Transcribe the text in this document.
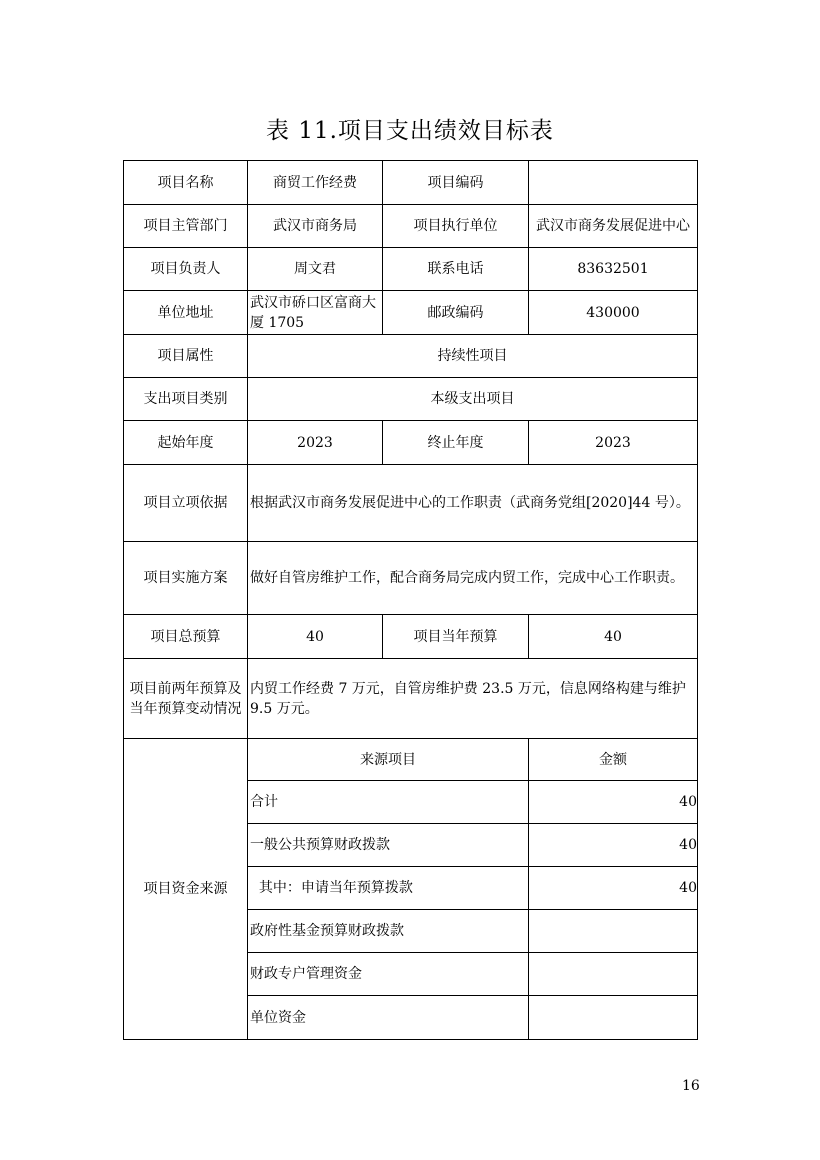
表 11.项目支出绩效目标表
项目名称	商贸工作经费	项目编码	
项目主管部门	武汉市商务局	项目执行单位	武汉市商务发展促进中心
项目负责人	周文君	联系电话	83632501
单位地址	武汉市硚口区富商大厦 1705	邮政编码	430000
项目属性	持续性项目		
支出项目类别	本级支出项目		
起始年度	2023	终止年度	2023
项目立项依据	根据武汉市商务发展促进中心的工作职责（武商务党组[2020]44 号）。		
项目实施方案	做好自管房维护工作，配合商务局完成内贸工作，完成中心工作职责。		
项目总预算	40	项目当年预算	40
项目前两年预算及当年预算变动情况	内贸工作经费 7 万元，自管房维护费 23.5 万元，信息网络构建与维护 9.5 万元。		
项目资金来源	来源项目		金额
	合计		40
	一般公共预算财政拨款		40
	其中：申请当年预算拨款		40
	政府性基金预算财政拨款		
	财政专户管理资金		
	单位资金		
16
